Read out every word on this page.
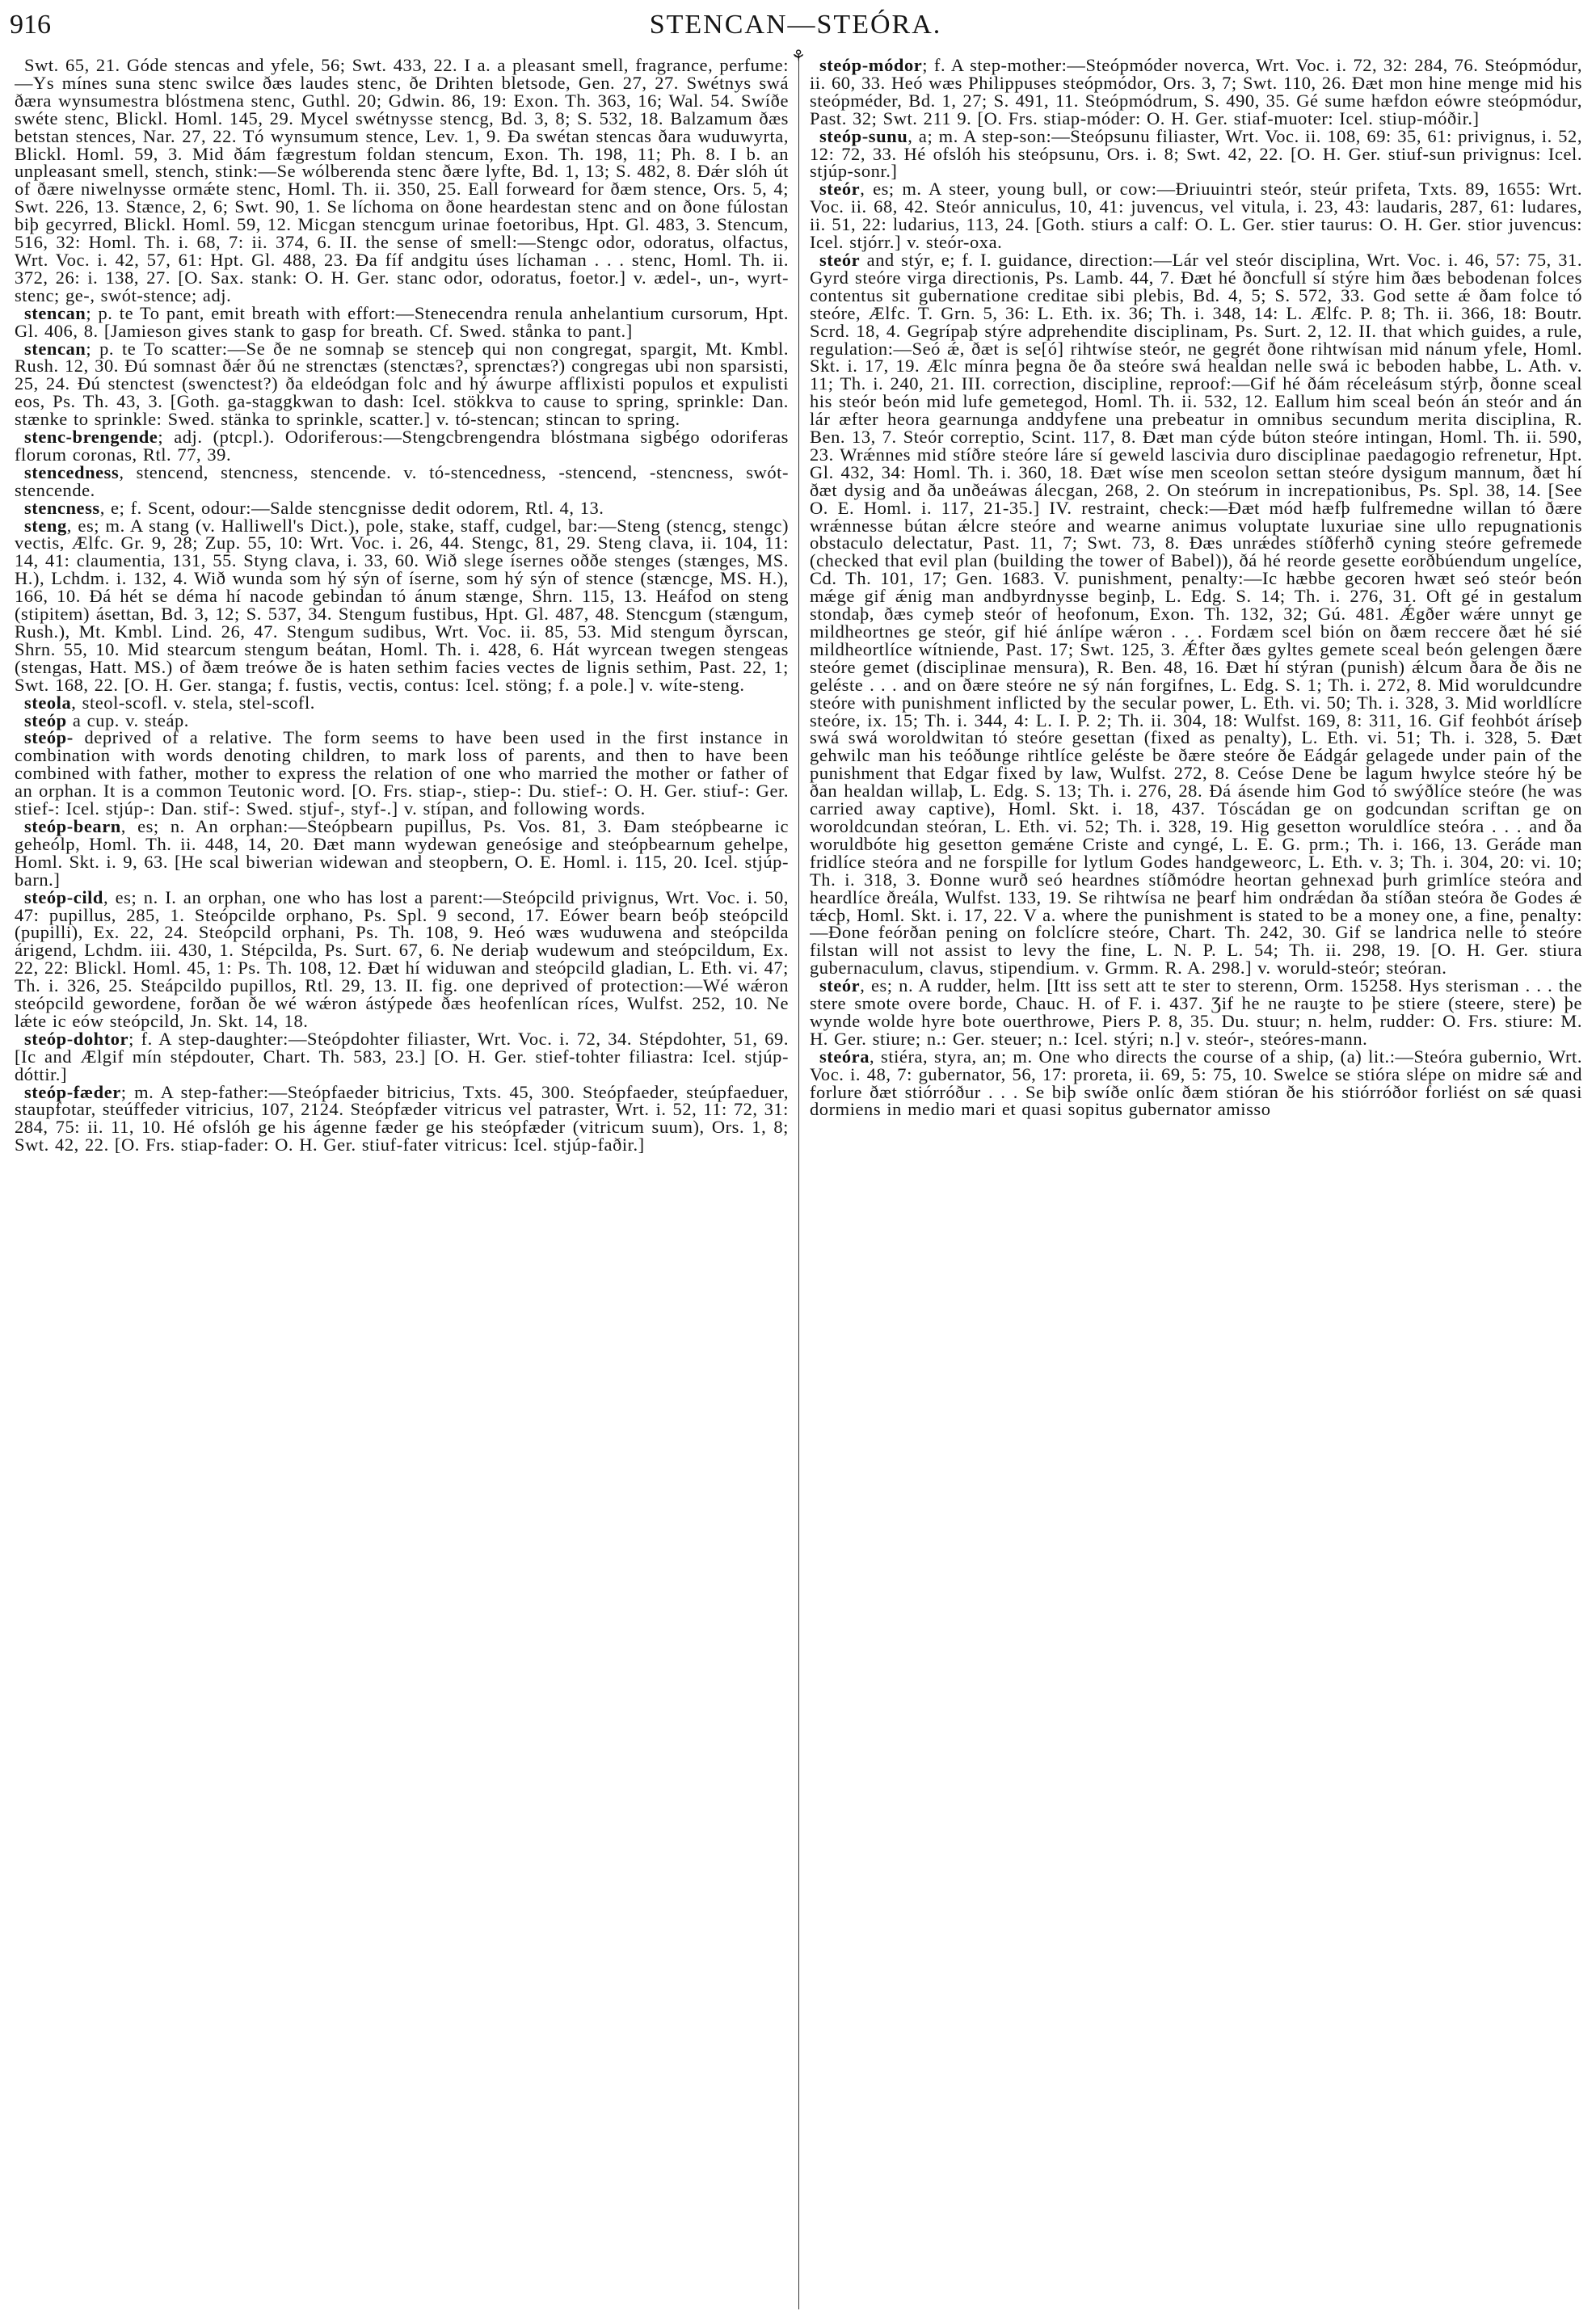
916	STENCAN—STEÓRA.

Swt. 65, 21. Góde stencas and yfele, 56; Swt. 433, 22. I a. a pleasant smell, fragrance, perfume:—Ys mínes suna stenc swilce ðæs laudes stenc, ðe Drihten bletsode, Gen. 27, 27. Swétnys swá ðæra wynsumestra blóstmena stenc, Guthl. 20; Gdwin. 86, 19: Exon. Th. 363, 16; Wal. 54. Swíðe swéte stenc, Blickl. Homl. 145, 29. Mycel swétnysse stencg, Bd. 3, 8; S. 532, 18. Balzamum ðæs betstan stences, Nar. 27, 22. Tó wynsumum stence, Lev. 1, 9. Ða swétan stencas ðara wuduwyrta, Blickl. Homl. 59, 3. Mid ðám fægrestum foldan stencum, Exon. Th. 198, 11; Ph. 8. I b. an unpleasant smell, stench, stink:—Se wólberenda stenc ðære lyfte, Bd. 1, 13; S. 482, 8. Ðǽr slóh út of ðære niwelnysse ormǽte stenc, Homl. Th. ii. 350, 25. Eall forweard for ðæm stence, Ors. 5, 4; Swt. 226, 13. Stænce, 2, 6; Swt. 90, 1. Se líchoma on ðone heardestan stenc and on ðone fúlostan biþ gecyrred, Blickl. Homl. 59, 12. Micgan stencgum urinae foetoribus, Hpt. Gl. 483, 3. Stencum, 516, 32: Homl. Th. i. 68, 7: ii. 374, 6. II. the sense of smell:—Stengc odor, odoratus, olfactus, Wrt. Voc. i. 42, 57, 61: Hpt. Gl. 488, 23. Ða fíf andgitu úses líchaman . . . stenc, Homl. Th. ii. 372, 26: i. 138, 27. [O. Sax. stank: O. H. Ger. stanc odor, odoratus, foetor.] v. ædel-, un-, wyrt-stenc; ge-, swót-stence; adj.

stencan; p. te To pant, emit breath with effort:—Stenecendra renula anhelantium cursorum, Hpt. Gl. 406, 8. [Jamieson gives stank to gasp for breath. Cf. Swed. stånka to pant.]

stencan; p. te To scatter:—Se ðe ne somnaþ se stenceþ qui non congregat, spargit, Mt. Kmbl. Rush. 12, 30. Ðú somnast ðǽr ðú ne strenctæs (stenctæs?, sprenctæs?) congregas ubi non sparsisti, 25, 24. Ðú stenctest (swenctest?) ða eldeódgan folc and hý áwurpe afflixisti populos et expulisti eos, Ps. Th. 43, 3. [Goth. ga-staggkwan to dash: Icel. stökkva to cause to spring, sprinkle: Dan. stænke to sprinkle: Swed. stänka to sprinkle, scatter.] v. tó-stencan; stincan to spring.

stenc-brengende; adj. (ptcpl.). Odoriferous:—Stengcbrengendra blóstmana sigbégo odoriferas florum coronas, Rtl. 77, 39.

stencedness, stencend, stencness, stencende. v. tó-stencedness, -stencend, -stencness, swót-stencende.

stencness, e; f. Scent, odour:—Salde stencgnisse dedit odorem, Rtl. 4, 13.

steng, es; m. A stang (v. Halliwell's Dict.), pole, stake, staff, cudgel, bar:—Steng (stencg, stengc) vectis, Ælfc. Gr. 9, 28; Zup. 55, 10: Wrt. Voc. i. 26, 44. Stengc, 81, 29. Steng clava, ii. 104, 11: 14, 41: claumentia, 131, 55. Styng clava, i. 33, 60. Wið slege ísernes oððe stenges (stænges, MS. H.), Lchdm. i. 132, 4. Wið wunda som hý sýn of íserne, som hý sýn of stence (stæncge, MS. H.), 166, 10. Ðá hét se déma hí nacode gebindan tó ánum stænge, Shrn. 115, 13. Heáfod on steng (stipitem) ásettan, Bd. 3, 12; S. 537, 34. Stengum fustibus, Hpt. Gl. 487, 48. Stencgum (stængum, Rush.), Mt. Kmbl. Lind. 26, 47. Stengum sudibus, Wrt. Voc. ii. 85, 53. Mid stengum ðyrscan, Shrn. 55, 10. Mid stearcum stengum beátan, Homl. Th. i. 428, 6. Hát wyrcean twegen stengeas (stengas, Hatt. MS.) of ðæm treówe ðe is haten sethim facies vectes de lignis sethim, Past. 22, 1; Swt. 168, 22. [O. H. Ger. stanga; f. fustis, vectis, contus: Icel. stöng; f. a pole.] v. wíte-steng.

steola, steol-scofl. v. stela, stel-scofl.

steóp a cup. v. steáp.

steóp- deprived of a relative. The form seems to have been used in the first instance in combination with words denoting children, to mark loss of parents, and then to have been combined with father, mother to express the relation of one who married the mother or father of an orphan. It is a common Teutonic word. [O. Frs. stiap-, stiep-: Du. stief-: O. H. Ger. stiuf-: Ger. stief-: Icel. stjúp-: Dan. stif-: Swed. stjuf-, styf-.] v. stípan, and following words.

steóp-bearn, es; n. An orphan:—Steópbearn pupillus, Ps. Vos. 81, 3. Ðam steópbearne ic geheólp, Homl. Th. ii. 448, 14, 20. Ðæt mann wydewan geneósige and steópbearnum gehelpe, Homl. Skt. i. 9, 63. [He scal biwerian widewan and steopbern, O. E. Homl. i. 115, 20. Icel. stjúp-barn.]

steóp-cild, es; n. I. an orphan, one who has lost a parent:—Steópcild privignus, Wrt. Voc. i. 50, 47: pupillus, 285, 1. Steópcilde orphano, Ps. Spl. 9 second, 17. Eówer bearn beóþ steópcild (pupilli), Ex. 22, 24. Steópcild orphani, Ps. Th. 108, 9. Heó wæs wuduwena and steópcilda árigend, Lchdm. iii. 430, 1. Stépcilda, Ps. Surt. 67, 6. Ne deriaþ wudewum and steópcildum, Ex. 22, 22: Blickl. Homl. 45, 1: Ps. Th. 108, 12. Ðæt hí widuwan and steópcild gladian, L. Eth. vi. 47; Th. i. 326, 25. Steápcildo pupillos, Rtl. 29, 13. II. fig. one deprived of protection:—Wé wǽron steópcild gewordene, forðan ðe wé wǽron ástýpede ðæs heofenlícan ríces, Wulfst. 252, 10. Ne lǽte ic eów steópcild, Jn. Skt. 14, 18.

steóp-dohtor; f. A step-daughter:—Steópdohter filiaster, Wrt. Voc. i. 72, 34. Stépdohter, 51, 69. [Ic and Ælgif mín stépdouter, Chart. Th. 583, 23.] [O. H. Ger. stief-tohter filiastra: Icel. stjúp-dóttir.]

steóp-fæder; m. A step-father:—Steópfaeder bitricius, Txts. 45, 300. Steópfaeder, steúpfaeduer, staupfotar, steúffeder vitricius, 107, 2124. Steópfæder vitricus vel patraster, Wrt. i. 52, 11: 72, 31: 284, 75: ii. 11, 10. Hé ofslóh ge his ágenne fæder ge his steópfæder (vitricum suum), Ors. 1, 8; Swt. 42, 22. [O. Frs. stiap-fader: O. H. Ger. stiuf-fater vitricus: Icel. stjúp-faðir.]

⚘ steóp-módor; f. A step-mother:—Steópmóder noverca, Wrt. Voc. i. 72, 32: 284, 76. Steópmódur, ii. 60, 33. Heó wæs Philippuses steópmódor, Ors. 3, 7; Swt. 110, 26. Ðæt mon hine menge mid his steópméder, Bd. 1, 27; S. 491, 11. Steópmódrum, S. 490, 35. Gé sume hæfdon eówre steópmódur, Past. 32; Swt. 211 9. [O. Frs. stiap-móder: O. H. Ger. stiaf-muoter: Icel. stiup-móðir.]

steóp-sunu, a; m. A step-son:—Steópsunu filiaster, Wrt. Voc. ii. 108, 69: 35, 61: privignus, i. 52, 12: 72, 33. Hé ofslóh his steópsunu, Ors. i. 8; Swt. 42, 22. [O. H. Ger. stiuf-sun privignus: Icel. stjúp-sonr.]

steór, es; m. A steer, young bull, or cow:—Ðriuuintri steór, steúr prifeta, Txts. 89, 1655: Wrt. Voc. ii. 68, 42. Steór anniculus, 10, 41: juvencus, vel vitula, i. 23, 43: laudaris, 287, 61: ludares, ii. 51, 22: ludarius, 113, 24. [Goth. stiurs a calf: O. L. Ger. stier taurus: O. H. Ger. stior juvencus: Icel. stjórr.] v. steór-oxa.

steór and stýr, e; f. I. guidance, direction:—Lár vel steór disciplina, Wrt. Voc. i. 46, 57: 75, 31. Gyrd steóre virga directionis, Ps. Lamb. 44, 7. Ðæt hé ðoncfull sí stýre him ðæs bebodenan folces contentus sit gubernatione creditae sibi plebis, Bd. 4, 5; S. 572, 33. God sette ǽ ðam folce tó steóre, Ælfc. T. Grn. 5, 36: L. Eth. ix. 36; Th. i. 348, 14: L. Ælfc. P. 8; Th. ii. 366, 18: Boutr. Scrd. 18, 4. Gegrípaþ stýre adprehendite disciplinam, Ps. Surt. 2, 12. II. that which guides, a rule, regulation:—Seó ǽ, ðæt is se[ó] rihtwíse steór, ne gegrét ðone rihtwísan mid nánum yfele, Homl. Skt. i. 17, 19. Ælc mínra þegna ðe ða steóre swá healdan nelle swá ic beboden habbe, L. Ath. v. 11; Th. i. 240, 21. III. correction, discipline, reproof:—Gif hé ðám réceleásum stýrþ, ðonne sceal his steór beón mid lufe gemetegod, Homl. Th. ii. 532, 12. Eallum him sceal beón án steór and án lár æfter heora gearnunga anddyfene una prebeatur in omnibus secundum merita disciplina, R. Ben. 13, 7. Steór correptio, Scint. 117, 8. Ðæt man cýde búton steóre intingan, Homl. Th. ii. 590, 23. Wrǽnnes mid stíðre steóre láre sí geweld lascivia duro disciplinae paedagogio refrenetur, Hpt. Gl. 432, 34: Homl. Th. i. 360, 18. Ðæt wíse men sceolon settan steóre dysigum mannum, ðæt hí ðæt dysig and ða unðeáwas álecgan, 268, 2. On steórum in increpationibus, Ps. Spl. 38, 14. [See O. E. Homl. i. 117, 21-35.] IV. restraint, check:—Ðæt mód hæfþ fulfremedne willan tó ðære wrǽnnesse bútan ǽlcre steóre and wearne animus voluptate luxuriae sine ullo repugnationis obstaculo delectatur, Past. 11, 7; Swt. 73, 8. Ðæs unrǽdes stíðferhð cyning steóre gefremede (checked that evil plan (building the tower of Babel)), ðá hé reorde gesette eorðbúendum ungelíce, Cd. Th. 101, 17; Gen. 1683. V. punishment, penalty:—Ic hæbbe gecoren hwæt seó steór beón mǽge gif ǽnig man andbyrdnysse beginþ, L. Edg. S. 14; Th. i. 276, 31. Oft gé in gestalum stondaþ, ðæs cymeþ steór of heofonum, Exon. Th. 132, 32; Gú. 481. Ǽgðer wǽre unnyt ge mildheortnes ge steór, gif hié ánlípe wǽron . . . Fordæm scel bión on ðæm reccere ðæt hé sié mildheortlíce wítniende, Past. 17; Swt. 125, 3. Ǽfter ðæs gyltes gemete sceal beón gelengen ðære steóre gemet (disciplinae mensura), R. Ben. 48, 16. Ðæt hí stýran (punish) ǽlcum ðara ðe ðis ne geléste . . . and on ðære steóre ne sý nán forgifnes, L. Edg. S. 1; Th. i. 272, 8. Mid woruldcundre steóre with punishment inflicted by the secular power, L. Eth. vi. 50; Th. i. 328, 3. Mid worldlícre steóre, ix. 15; Th. i. 344, 4: L. I. P. 2; Th. ii. 304, 18: Wulfst. 169, 8: 311, 16. Gif feohbót árísеþ swá swá woroldwitan tó steóre gesettan (fixed as penalty), L. Eth. vi. 51; Th. i. 328, 5. Ðæt gehwilc man his teóðunge rihtlíce geléste be ðære steóre ðe Eádgár gelagede under pain of the punishment that Edgar fixed by law, Wulfst. 272, 8. Ceóse Dene be lagum hwylce steóre hý be ðan healdan willaþ, L. Edg. S. 13; Th. i. 276, 28. Ðá ásende him God tó swýðlíce steóre (he was carried away captive), Homl. Skt. i. 18, 437. Tóscádan ge on godcundan scriftan ge on woroldcundan steóran, L. Eth. vi. 52; Th. i. 328, 19. Hig gesetton woruldlíce steóra . . . and ða woruldbóte hig gesetton gemǽne Criste and cyngé, L. E. G. prm.; Th. i. 166, 13. Geráde man fridlíce steóra and ne forspille for lytlum Godes handgeweorc, L. Eth. v. 3; Th. i. 304, 20: vi. 10; Th. i. 318, 3. Ðonne wurð seó heardnes stíðmódre heortan gehnexad þurh grimlíce steóra and heardlíce ðreála, Wulfst. 133, 19. Se rihtwísa ne þearf him ondrǽdan ða stíðan steóra ðe Godes ǽ tǽcþ, Homl. Skt. i. 17, 22. V a. where the punishment is stated to be a money one, a fine, penalty:—Ðone feórðan pening on folclícre steóre, Chart. Th. 242, 30. Gif se landrica nelle tó steóre filstan will not assist to levy the fine, L. N. P. L. 54; Th. ii. 298, 19. [O. H. Ger. stiura gubernaculum, clavus, stipendium. v. Grmm. R. A. 298.] v. woruld-steór; steóran.

steór, es; n. A rudder, helm. [Itt iss sett att te ster to sterenn, Orm. 15258. Hys sterisman . . . the stere smote overe borde, Chauc. H. of F. i. 437. Ʒif he ne rauȝte to þe stiere (steere, stere) þe wynde wolde hyre bote ouerthrowe, Piers P. 8, 35. Du. stuur; n. helm, rudder: O. Frs. stiure: M. H. Ger. stiure; n.: Ger. steuer; n.: Icel. stýri; n.] v. steór-, steóres-mann.

steóra, stiéra, styra, an; m. One who directs the course of a ship, (a) lit.:—Steóra gubernio, Wrt. Voc. i. 48, 7: gubernator, 56, 17: proreta, ii. 69, 5: 75, 10. Swelce se stióra slépe on midre sǽ and forlure ðæt stiórróður . . . Se biþ swíðe onlíc ðæm stióran ðe his stiórróðor forliést on sǽ quasi dormiens in medio mari et quasi sopitus gubernator amisso
